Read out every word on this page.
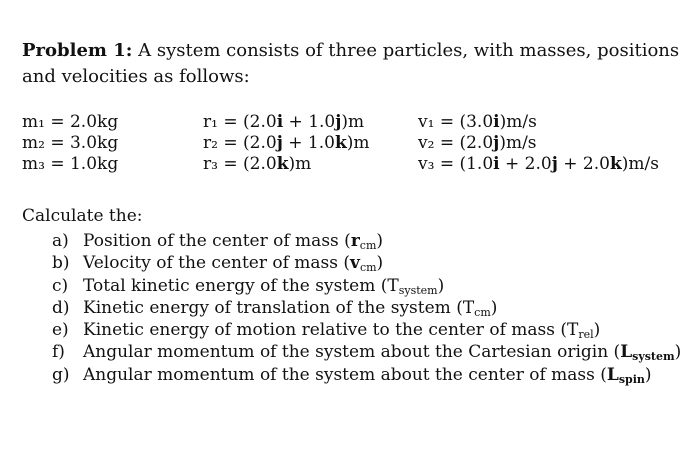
Problem 1: A system consists of three particles, with masses, positions and velocities as follows:
m₁ = 2.0kg
m₂ = 3.0kg
m₃ = 1.0kg
r₁ = (2.0i + 1.0j)m
r₂ = (2.0j + 1.0k)m
r₃ = (2.0k)m
v₁ = (3.0i)m/s
v₂ = (2.0j)m/s
v₃ = (1.0i + 2.0j + 2.0k)m/s
Calculate the:
a) Position of the center of mass $(r_{cm})$
b) Velocity of the center of mass $(v_{cm})$
c) Total kinetic energy of the system $(T_{system})$
d) Kinetic energy of translation of the system $(T_{cm})$
e) Kinetic energy of motion relative to the center of mass $(T_{rel})$
f)	Angular momentum of the system about the Cartesian origin $(L_{system})$
g) Angular momentum of the system about the center of mass $(L_{spin})$
